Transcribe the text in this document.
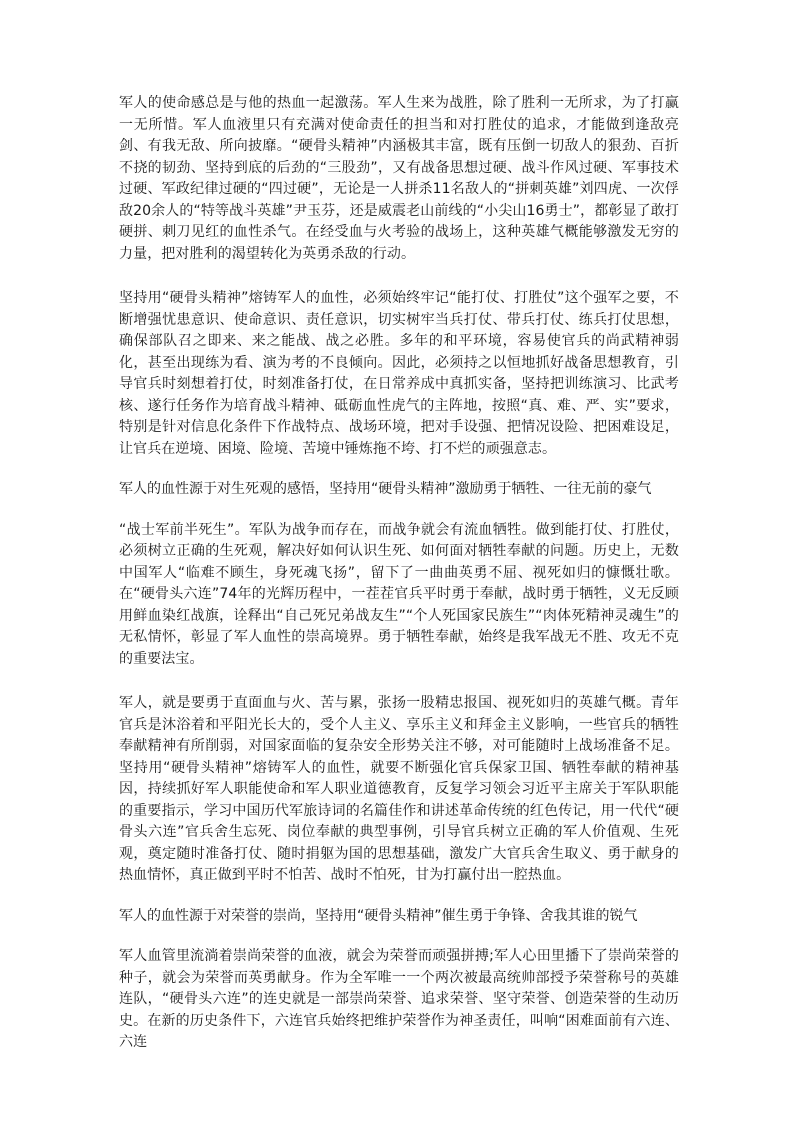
军人的使命感总是与他的热血一起激荡。军人生来为战胜，除了胜利一无所求，为了打赢一无所惜。军人血液里只有充满对使命责任的担当和对打胜仗的追求，才能做到逢敌亮剑、有我无敌、所向披靡。“硬骨头精神”内涵极其丰富，既有压倒一切敌人的狠劲、百折不挠的韧劲、坚持到底的后劲的“三股劲”，又有战备思想过硬、战斗作风过硬、军事技术过硬、军政纪律过硬的“四过硬”，无论是一人拼杀11名敌人的“拼刺英雄”刘四虎、一次俘敌20余人的“特等战斗英雄”尹玉芬，还是威震老山前线的“小尖山16勇士”，都彰显了敢打硬拼、刺刀见红的血性杀气。在经受血与火考验的战场上，这种英雄气概能够激发无穷的力量，把对胜利的渴望转化为英勇杀敌的行动。

坚持用“硬骨头精神”熔铸军人的血性，必须始终牢记“能打仗、打胜仗”这个强军之要，不断增强忧患意识、使命意识、责任意识，切实树牢当兵打仗、带兵打仗、练兵打仗思想，确保部队召之即来、来之能战、战之必胜。多年的和平环境，容易使官兵的尚武精神弱化，甚至出现练为看、演为考的不良倾向。因此，必须持之以恒地抓好战备思想教育，引导官兵时刻想着打仗，时刻准备打仗，在日常养成中真抓实备，坚持把训练演习、比武考核、遂行任务作为培育战斗精神、砥砺血性虎气的主阵地，按照“真、难、严、实”要求，特别是针对信息化条件下作战特点、战场环境，把对手设强、把情况设险、把困难设足，让官兵在逆境、困境、险境、苦境中锤炼拖不垮、打不烂的顽强意志。

军人的血性源于对生死观的感悟，坚持用“硬骨头精神”激励勇于牺牲、一往无前的豪气

“战士军前半死生”。军队为战争而存在，而战争就会有流血牺牲。做到能打仗、打胜仗，必须树立正确的生死观，解决好如何认识生死、如何面对牺牲奉献的问题。历史上，无数中国军人“临难不顾生，身死魂飞扬”，留下了一曲曲英勇不屈、视死如归的慷慨壮歌。在“硬骨头六连”74年的光辉历程中，一茬茬官兵平时勇于奉献，战时勇于牺牲，义无反顾用鲜血染红战旗，诠释出“自己死兄弟战友生”“个人死国家民族生”“肉体死精神灵魂生”的无私情怀，彰显了军人血性的崇高境界。勇于牺牲奉献，始终是我军战无不胜、攻无不克的重要法宝。

军人，就是要勇于直面血与火、苦与累，张扬一股精忠报国、视死如归的英雄气概。青年官兵是沐浴着和平阳光长大的，受个人主义、享乐主义和拜金主义影响，一些官兵的牺牲奉献精神有所削弱，对国家面临的复杂安全形势关注不够，对可能随时上战场准备不足。坚持用“硬骨头精神”熔铸军人的血性，就要不断强化官兵保家卫国、牺牲奉献的精神基因，持续抓好军人职能使命和军人职业道德教育，反复学习领会习近平主席关于军队职能的重要指示，学习中国历代军旅诗词的名篇佳作和讲述革命传统的红色传记，用一代代“硬骨头六连”官兵舍生忘死、岗位奉献的典型事例，引导官兵树立正确的军人价值观、生死观，奠定随时准备打仗、随时捐躯为国的思想基础，激发广大官兵舍生取义、勇于献身的热血情怀，真正做到平时不怕苦、战时不怕死，甘为打赢付出一腔热血。

军人的血性源于对荣誉的崇尚，坚持用“硬骨头精神”催生勇于争锋、舍我其谁的锐气

军人血管里流淌着崇尚荣誉的血液，就会为荣誉而顽强拼搏;军人心田里播下了崇尚荣誉的种子，就会为荣誉而英勇献身。作为全军唯一一个两次被最高统帅部授予荣誉称号的英雄连队，“硬骨头六连”的连史就是一部崇尚荣誉、追求荣誉、坚守荣誉、创造荣誉的生动历史。在新的历史条件下，六连官兵始终把维护荣誉作为神圣责任，叫响“困难面前有六连、六连
